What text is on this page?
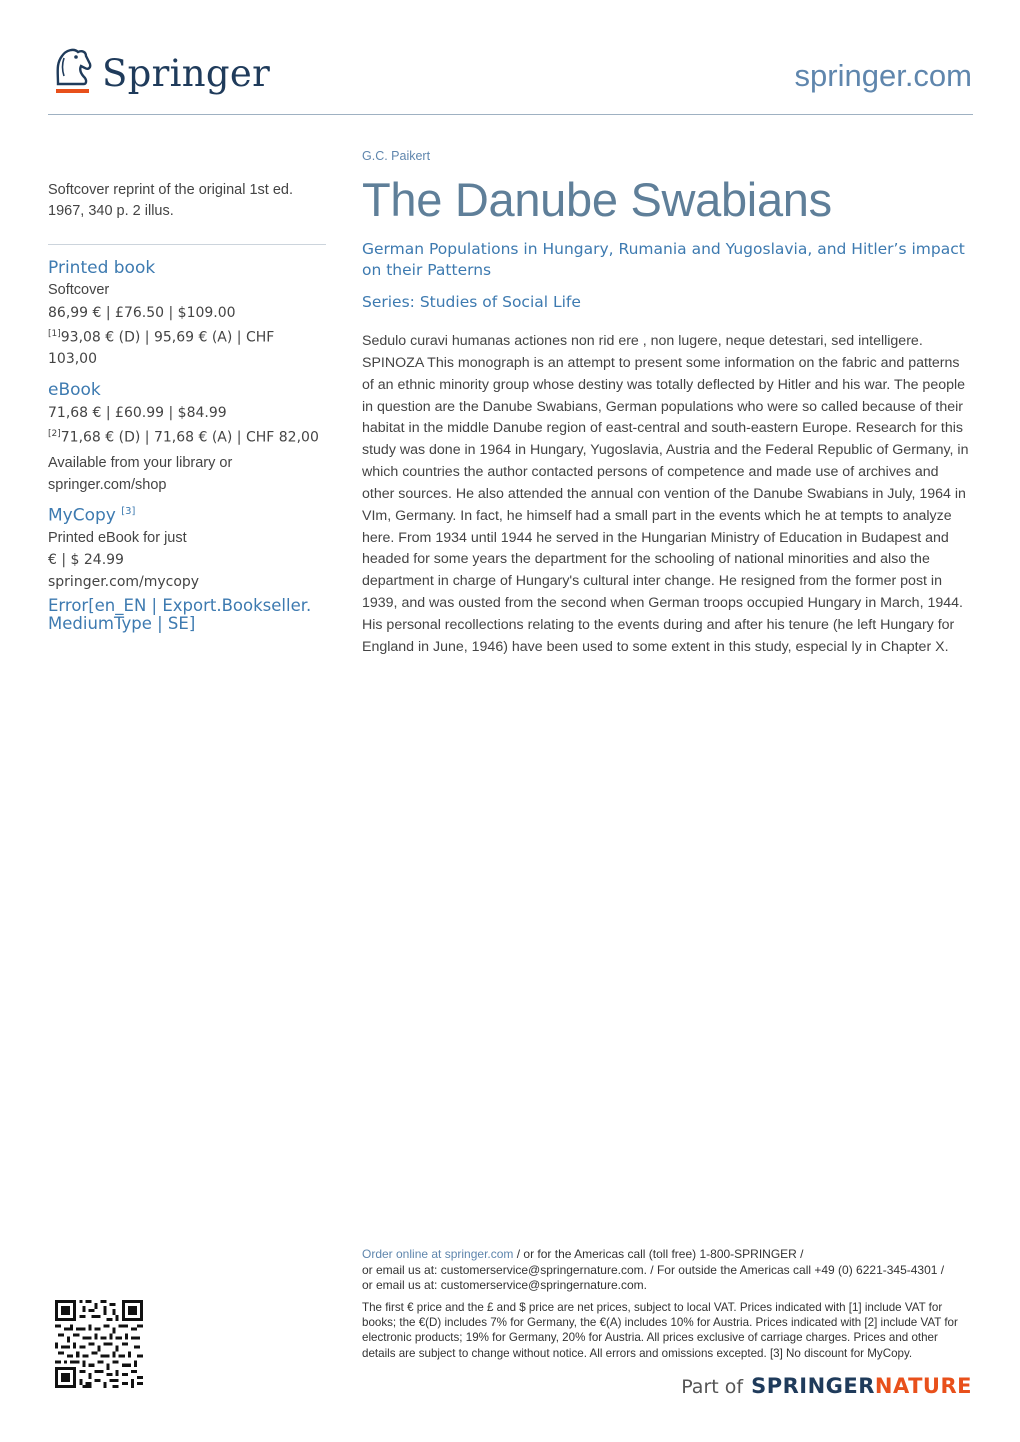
Springer	springer.com
Softcover reprint of the original 1st ed. 1967, 340 p. 2 illus.
Printed book
Softcover
86,99 € | £76.50 | $109.00
[1]93,08 € (D) | 95,69 € (A) | CHF 103,00
eBook
71,68 € | £60.99 | $84.99
[2]71,68 € (D) | 71,68 € (A) | CHF 82,00
Available from your library or springer.com/shop
MyCopy [3]
Printed eBook for just
€ | $ 24.99
springer.com/mycopy
Error[en_EN | Export.Bookseller. MediumType | SE]
G.C. Paikert
The Danube Swabians
German Populations in Hungary, Rumania and Yugoslavia, and Hitler’s impact on their Patterns
Series: Studies of Social Life
Sedulo curavi humanas actiones non rid ere , non lugere, neque detestari, sed intelligere. SPINOZA This monograph is an attempt to present some information on the fabric and patterns of an ethnic minority group whose destiny was totally deflected by Hitler and his war. The people in question are the Danube Swabians, German populations who were so called because of their habitat in the middle Danube region of east-central and south-eastern Europe. Research for this study was done in 1964 in Hungary, Yugoslavia, Austria and the Federal Republic of Germany, in which countries the author contacted persons of competence and made use of archives and other sources. He also attended the annual con vention of the Danube Swabians in July, 1964 in VIm, Germany. In fact, he himself had a small part in the events which he at tempts to analyze here. From 1934 until 1944 he served in the Hungarian Ministry of Education in Budapest and headed for some years the department for the schooling of national minorities and also the department in charge of Hungary's cultural inter change. He resigned from the former post in 1939, and was ousted from the second when German troops occupied Hungary in March, 1944. His personal recollections relating to the events during and after his tenure (he left Hungary for England in June, 1946) have been used to some extent in this study, especial ly in Chapter X.
Order online at springer.com / or for the Americas call (toll free) 1-800-SPRINGER /
or email us at: customerservice@springernature.com. / For outside the Americas call +49 (0) 6221-345-4301 /
or email us at: customerservice@springernature.com.
The first € price and the £ and $ price are net prices, subject to local VAT. Prices indicated with [1] include VAT for books; the €(D) includes 7% for Germany, the €(A) includes 10% for Austria. Prices indicated with [2] include VAT for electronic products; 19% for Germany, 20% for Austria. All prices exclusive of carriage charges. Prices and other details are subject to change without notice. All errors and omissions excepted. [3] No discount for MyCopy.
Part of SPRINGERNATURE
